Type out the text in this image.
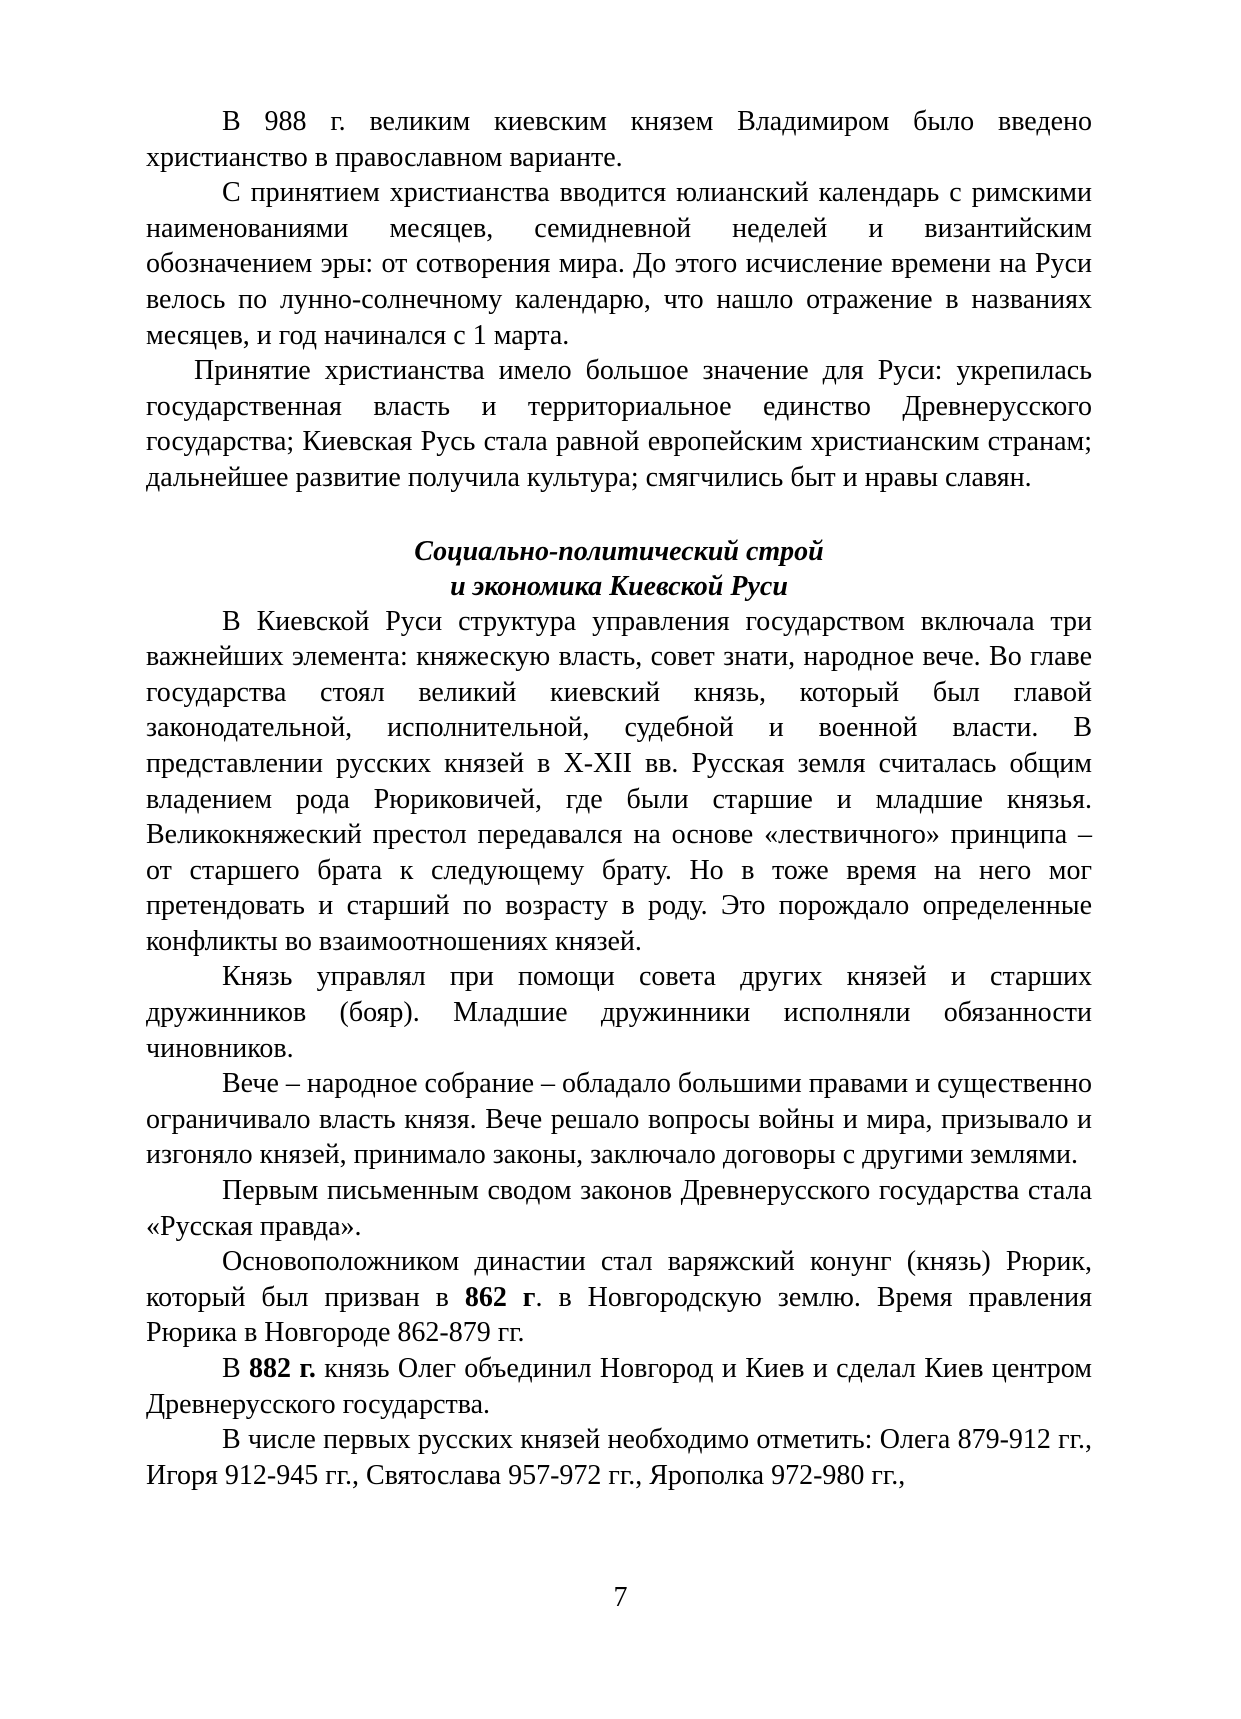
В 988 г. великим киевским князем Владимиром было введено христианство в православном варианте.

С принятием христианства вводится юлианский календарь с римскими наименованиями месяцев, семидневной неделей и византийским обозначением эры: от сотворения мира. До этого исчисление времени на Руси велось по лунно-солнечному календарю, что нашло отражение в названиях месяцев, и год начинался с 1 марта.

Принятие христианства имело большое значение для Руси: укрепилась государственная власть и территориальное единство Древнерусского государства; Киевская Русь стала равной европейским христианским странам; дальнейшее развитие получила культура; смягчились быт и нравы славян.

Социально-политический строй
и экономика Киевской Руси

В Киевской Руси структура управления государством включала три важнейших элемента: княжескую власть, совет знати, народное вече. Во главе государства стоял великий киевский князь, который был главой законодательной, исполнительной, судебной и военной власти. В представлении русских князей в X-XII вв. Русская земля считалась общим владением рода Рюриковичей, где были старшие и младшие князья. Великокняжеский престол передавался на основе «лествичного» принципа – от старшего брата к следующему брату. Но в тоже время на него мог претендовать и старший по возрасту в роду. Это порождало определенные конфликты во взаимоотношениях князей.

Князь управлял при помощи совета других князей и старших дружинников (бояр). Младшие дружинники исполняли обязанности чиновников.

Вече – народное собрание – обладало большими правами и существенно ограничивало власть князя. Вече решало вопросы войны и мира, призывало и изгоняло князей, принимало законы, заключало договоры с другими землями.

Первым письменным сводом законов Древнерусского государства стала «Русская правда».

Основоположником династии стал варяжский конунг (князь) Рюрик, который был призван в 862 г. в Новгородскую землю. Время правления Рюрика в Новгороде 862-879 гг.

В 882 г. князь Олег объединил Новгород и Киев и сделал Киев центром Древнерусского государства.

В числе первых русских князей необходимо отметить: Олега 879-912 гг., Игоря 912-945 гг., Святослава 957-972 гг., Ярополка 972-980 гг.,

7
